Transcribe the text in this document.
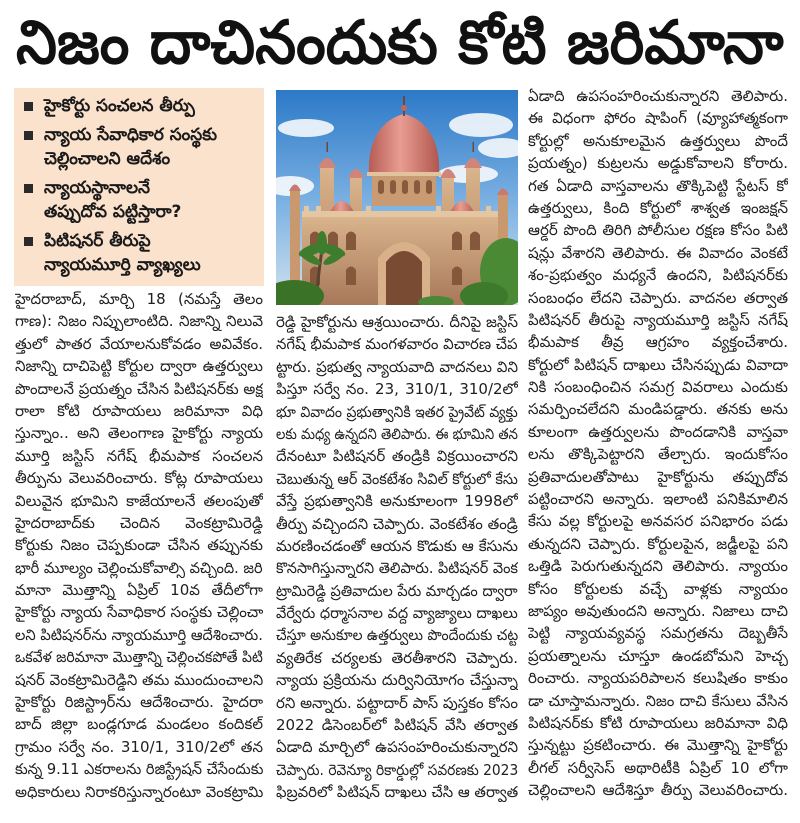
నిజం దాచినందుకు కోటి జరిమానా
హైకోర్టు సంచలన తీర్పు
న్యాయ సేవాధికార సంస్థకు
చెల్లించాలని ఆదేశం
న్యాయస్థానాలనే
తప్పుదోవ పట్టిస్తారా?
పిటిషనర్ తీరుపై
న్యాయమూర్తి వ్యాఖ్యలు
హైదరాబాద్, మార్చి 18 (నమస్తే తెలం
గాణ): నిజం నిప్పులాంటిది. నిజాన్ని నిలువె
త్తులో పాతర వేయాలనుకోవడం అవివేకం.
నిజాన్ని దాచిపెట్టి కోర్టుల ద్వారా ఉత్తర్వులు
పొందాలనే ప్రయత్నం చేసిన పిటిషనర్‌కు అక్ష
రాలా కోటి రూపాయలు జరిమానా విధి
స్తున్నాం.. అని తెలంగాణ హైకోర్టు న్యాయ
మూర్తి జస్టిస్ నగేష్ భీమపాక సంచలన
తీర్పును వెలువరించారు. కోట్ల రూపాయలు
విలువైన భూమిని కాజేయాలనే తలంపుతో
హైదరాబాద్‌కు చెందిన వెంకట్రామిరెడ్డి
కోర్టుకు నిజం చెప్పకుండా చేసిన తప్పునకు
భారీ మూల్యం చెల్లించుకోవాల్సి వచ్చింది. జరి
మానా మొత్తాన్ని ఏప్రిల్ 10వ తేదీలోగా
హైకోర్టు న్యాయ సేవాధికార సంస్థకు చెల్లించా
లని పిటిషనర్‌ను న్యాయమూర్తి ఆదేశించారు.
ఒకవేళ జరిమానా మొత్తాన్ని చెల్లించకపోతే పిటి
షనర్ వెంకట్రామిరెడ్డిని తమ ముందుంచాలని
హైకోర్టు రిజిస్ట్రార్‌ను ఆదేశించారు. హైదరా
బాద్ జిల్లా బండ్లగూడ మండలం కందికల్
గ్రామం సర్వే నం. 310/1, 310/2లో తన
కున్న 9.11 ఎకరాలను రిజిస్ట్రేషన్ చేసేందుకు
అధికారులు నిరాకరిస్తున్నారంటూ వెంకట్రామి
రెడ్డి హైకోర్టును ఆశ్రయించారు. దీనిపై జస్టిస్
నగేష్ భీమపాక మంగళవారం విచారణ చేప
ట్టారు. ప్రభుత్వ న్యాయవాది వాదనలు విని
పిస్తూ సర్వే నం. 23, 310/1, 310/2లో
భూ వివాదం ప్రభుత్వానికి ఇతర ప్రైవేట్ వ్యక్తు
లకు మధ్య ఉన్నదని తెలిపారు. ఈ భూమిని తన
దేనంటూ పిటిషనర్ తండ్రికి విక్రయించారని
చెబుతున్న ఆర్ వెంకటేశం సివిల్ కోర్టులో కేసు
వేస్తే ప్రభుత్వానికి అనుకూలంగా 1998లో
తీర్పు వచ్చిందని చెప్పారు. వెంకటేశం తండ్రి
మరణించడంతో ఆయన కొడుకు ఆ కేసును
కొనసాగిస్తున్నారని తెలిపారు. పిటిషనర్ వెంక
ట్రామిరెడ్డి ప్రతివాదుల పేరు మార్చడం ద్వారా
వేర్వేరు ధర్మాసనాల వద్ద వ్యాజ్యాలు దాఖలు
చేస్తూ అనుకూల ఉత్తర్వులు పొందేందుకు చట్ట
వ్యతిరేక చర్యలకు తెరతీశారని చెప్పారు.
న్యాయ ప్రక్రియను దుర్వినియోగం చేస్తున్నా
రని అన్నారు. పట్టాదార్ పాస్ పుస్తకం కోసం
2022 డిసెంబర్‌లో పిటిషన్ వేసి తర్వాత
ఏడాది మార్చిలో ఉపసంహరించుకున్నారని
చెప్పారు. రెవెన్యూ రికార్డుల్లో సవరణకు 2023
ఫిబ్రవరిలో పిటిషన్ దాఖలు చేసి ఆ తర్వాత
ఏడాది ఉపసంహరించుకున్నారని తెలిపారు.
ఈ విధంగా ఫోరం షాపింగ్ (వ్యూహాత్మకంగా
కోర్టుల్లో అనుకూలమైన ఉత్తర్వులు పొందే
ప్రయత్నం) కుట్రలను అడ్డుకోవాలని కోరారు.
గత ఏడాది వాస్తవాలను తొక్కిపెట్టి స్టేటస్ కో
ఉత్తర్వులు, కింది కోర్టులో శాశ్వత ఇంజక్షన్
ఆర్డర్ పొంది తిరిగి పోలీసుల రక్షణ కోసం పిటి
షన్లు వేశారని తెలిపారు. ఈ వివాదం వెంకటే
శం-ప్రభుత్వం మధ్యనే ఉందని, పిటిషనర్‌కు
సంబంధం లేదని చెప్పారు. వాదనల తర్వాత
పిటిషనర్ తీరుపై న్యాయమూర్తి జస్టిస్ నగేష్
భీమపాక తీవ్ర ఆగ్రహం వ్యక్తంచేశారు.
కోర్టులో పిటిషన్ దాఖలు చేసినప్పుడు వివాదా
నికి సంబంధించిన సమగ్ర వివరాలు ఎందుకు
సమర్పించలేదని మండిపడ్డారు. తనకు అను
కూలంగా ఉత్తర్వులను పొందడానికి వాస్తవా
లను తొక్కిపెట్టారని తేల్చారు. ఇందుకోసం
ప్రతివాదులతోపాటు హైకోర్టును తప్పుదోవ
పట్టించారని అన్నారు. ఇలాంటి పనికిమాలిన
కేసు వల్ల కోర్టులపై అనవసర పనిభారం పడు
తున్నదని చెప్పారు. కోర్టులపైన, జడ్జీలపై పని
ఒత్తిడి పెరుగుతున్నదని తెలిపారు. న్యాయం
కోసం కోర్టులకు వచ్చే వాళ్లకు న్యాయం
జాప్యం అవుతుందని అన్నారు. నిజాలు దాచి
పెట్టి న్యాయవ్యవస్థ సమగ్రతను దెబ్బతీసే
ప్రయత్నాలను చూస్తూ ఉండబోమని హెచ్చ
రించారు. న్యాయపరిపాలన కలుషితం కాకుం
డా చూస్తామన్నారు. నిజం దాచి కేసులు వేసిన
పిటిషనర్‌కు కోటి రూపాయలు జరిమానా విధి
స్తున్నట్టు ప్రకటించారు. ఈ మొత్తాన్ని హైకోర్టు
లీగల్ సర్వీసెస్ అథారిటీకి ఏప్రిల్ 10 లోగా
చెల్లించాలని ఆదేశిస్తూ తీర్పు వెలువరించారు.
